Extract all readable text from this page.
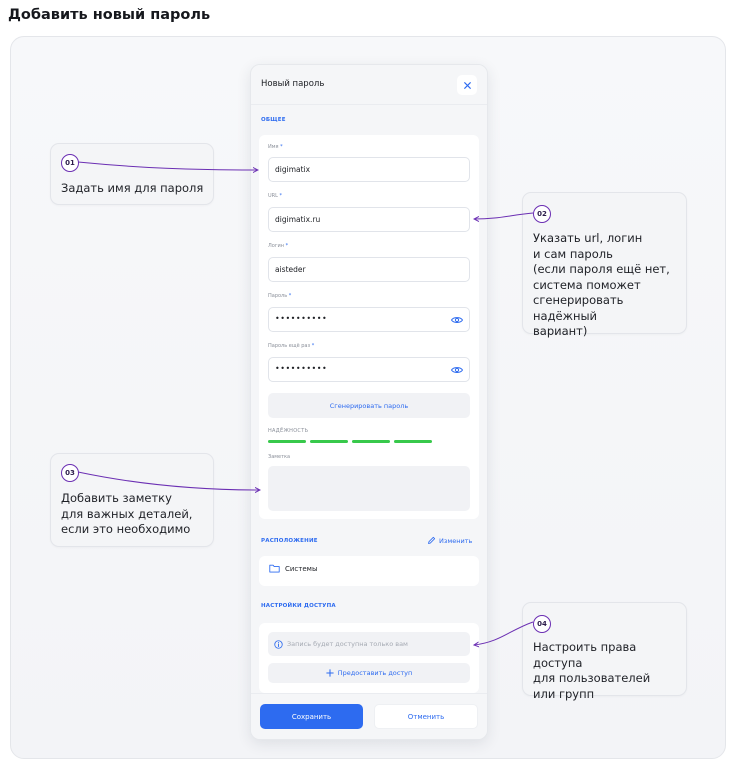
Добавить новый пароль
Новый пароль
ОБЩЕЕ
Имя *
digimatix
URL *
digimatix.ru
Логин *
aisteder
Пароль *
••••••••••
Пароль ещё раз *
••••••••••
Сгенерировать пароль
НАДЁЖНОСТЬ
Заметка
РАСПОЛОЖЕНИЕ	Изменить
Системы
НАСТРОЙКИ ДОСТУПА
Запись будет доступна только вам
Предоставить доступ
Сохранить	Отменить
01
Задать имя для пароля
02
Указать url, логин
и сам пароль
(если пароля ещё нет,
система поможет
сгенерировать надёжный
вариант)
03
Добавить заметку
для важных деталей,
если это необходимо
04
Настроить права доступа
для пользователей
или групп
